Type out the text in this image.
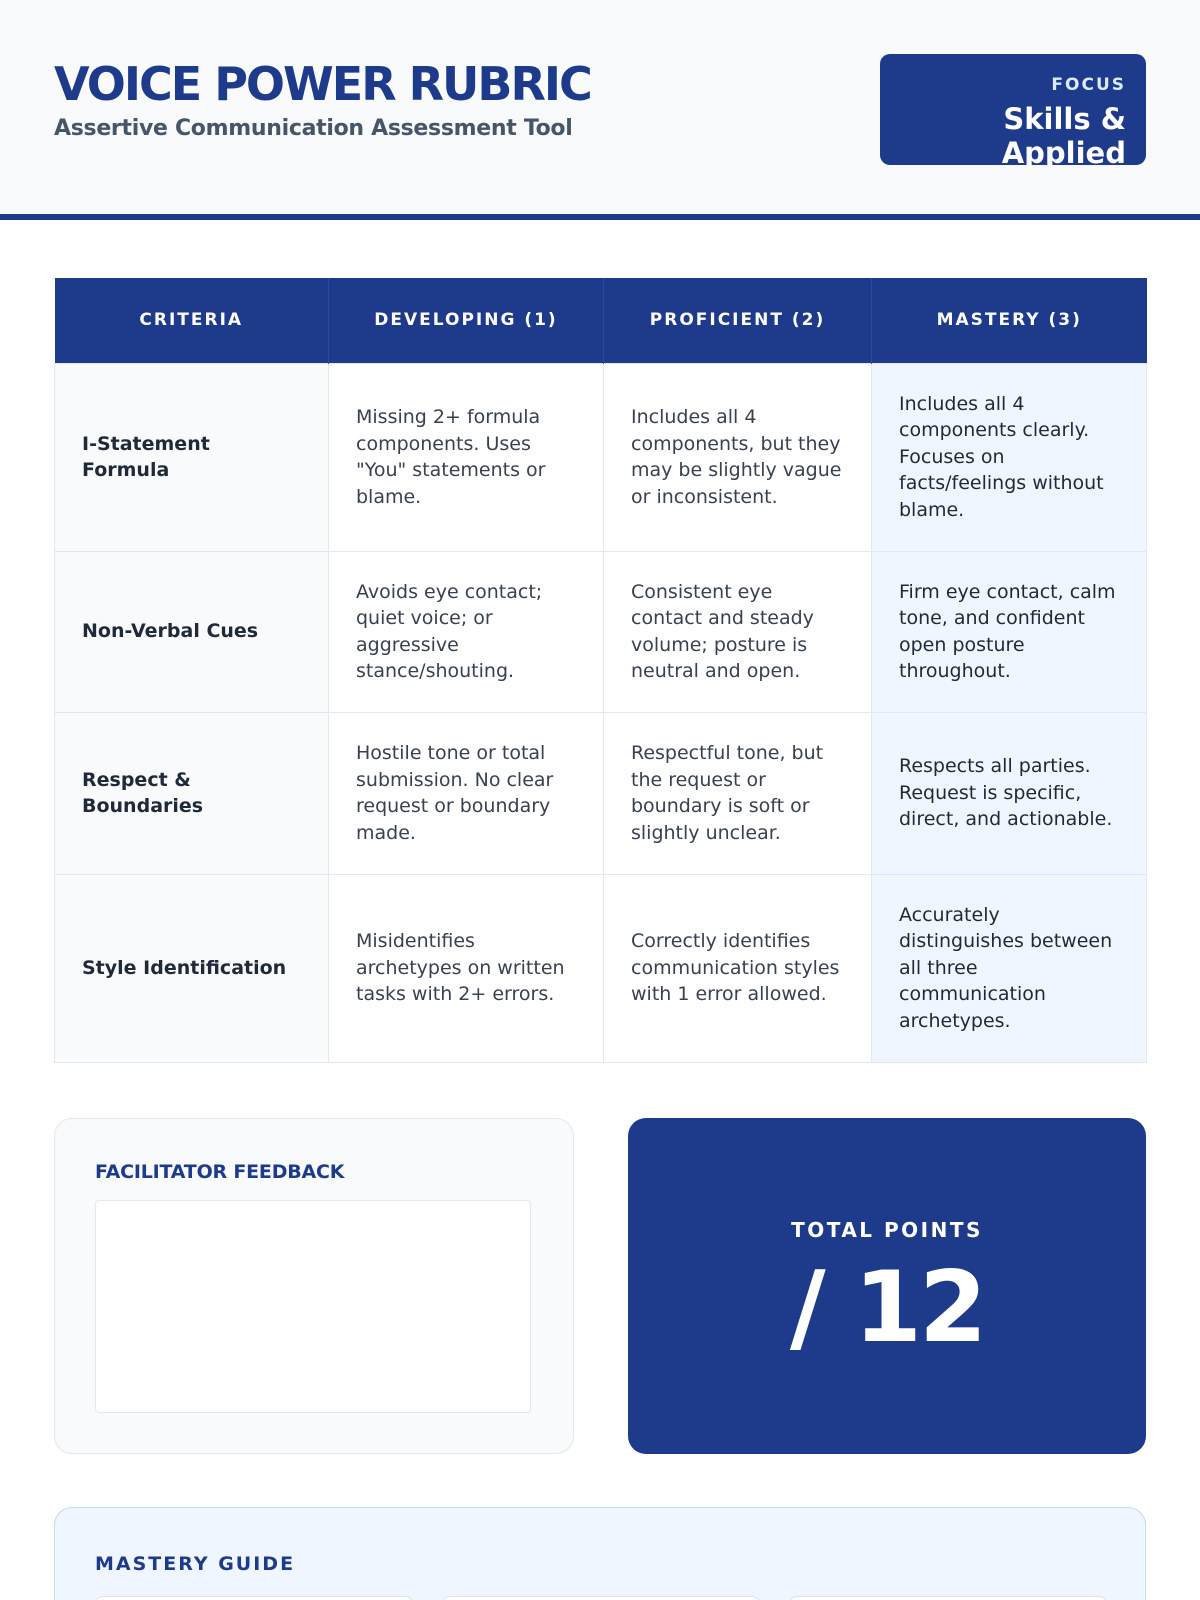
VOICE POWER RUBRIC
Assertive Communication Assessment Tool
FOCUS
Skills & Applied
CRITERIA	DEVELOPING (1)	PROFICIENT (2)	MASTERY (3)
I-Statement Formula	Missing 2+ formula components. Uses "You" statements or blame.	Includes all 4 components, but they may be slightly vague or inconsistent.	Includes all 4 components clearly. Focuses on facts/feelings without blame.
Non-Verbal Cues	Avoids eye contact; quiet voice; or aggressive stance/shouting.	Consistent eye contact and steady volume; posture is neutral and open.	Firm eye contact, calm tone, and confident open posture throughout.
Respect & Boundaries	Hostile tone or total submission. No clear request or boundary made.	Respectful tone, but the request or boundary is soft or slightly unclear.	Respects all parties. Request is specific, direct, and actionable.
Style Identification	Misidentifies archetypes on written tasks with 2+ errors.	Correctly identifies communication styles with 1 error allowed.	Accurately distinguishes between all three communication archetypes.
FACILITATOR FEEDBACK
TOTAL POINTS
/ 12
MASTERY GUIDE
